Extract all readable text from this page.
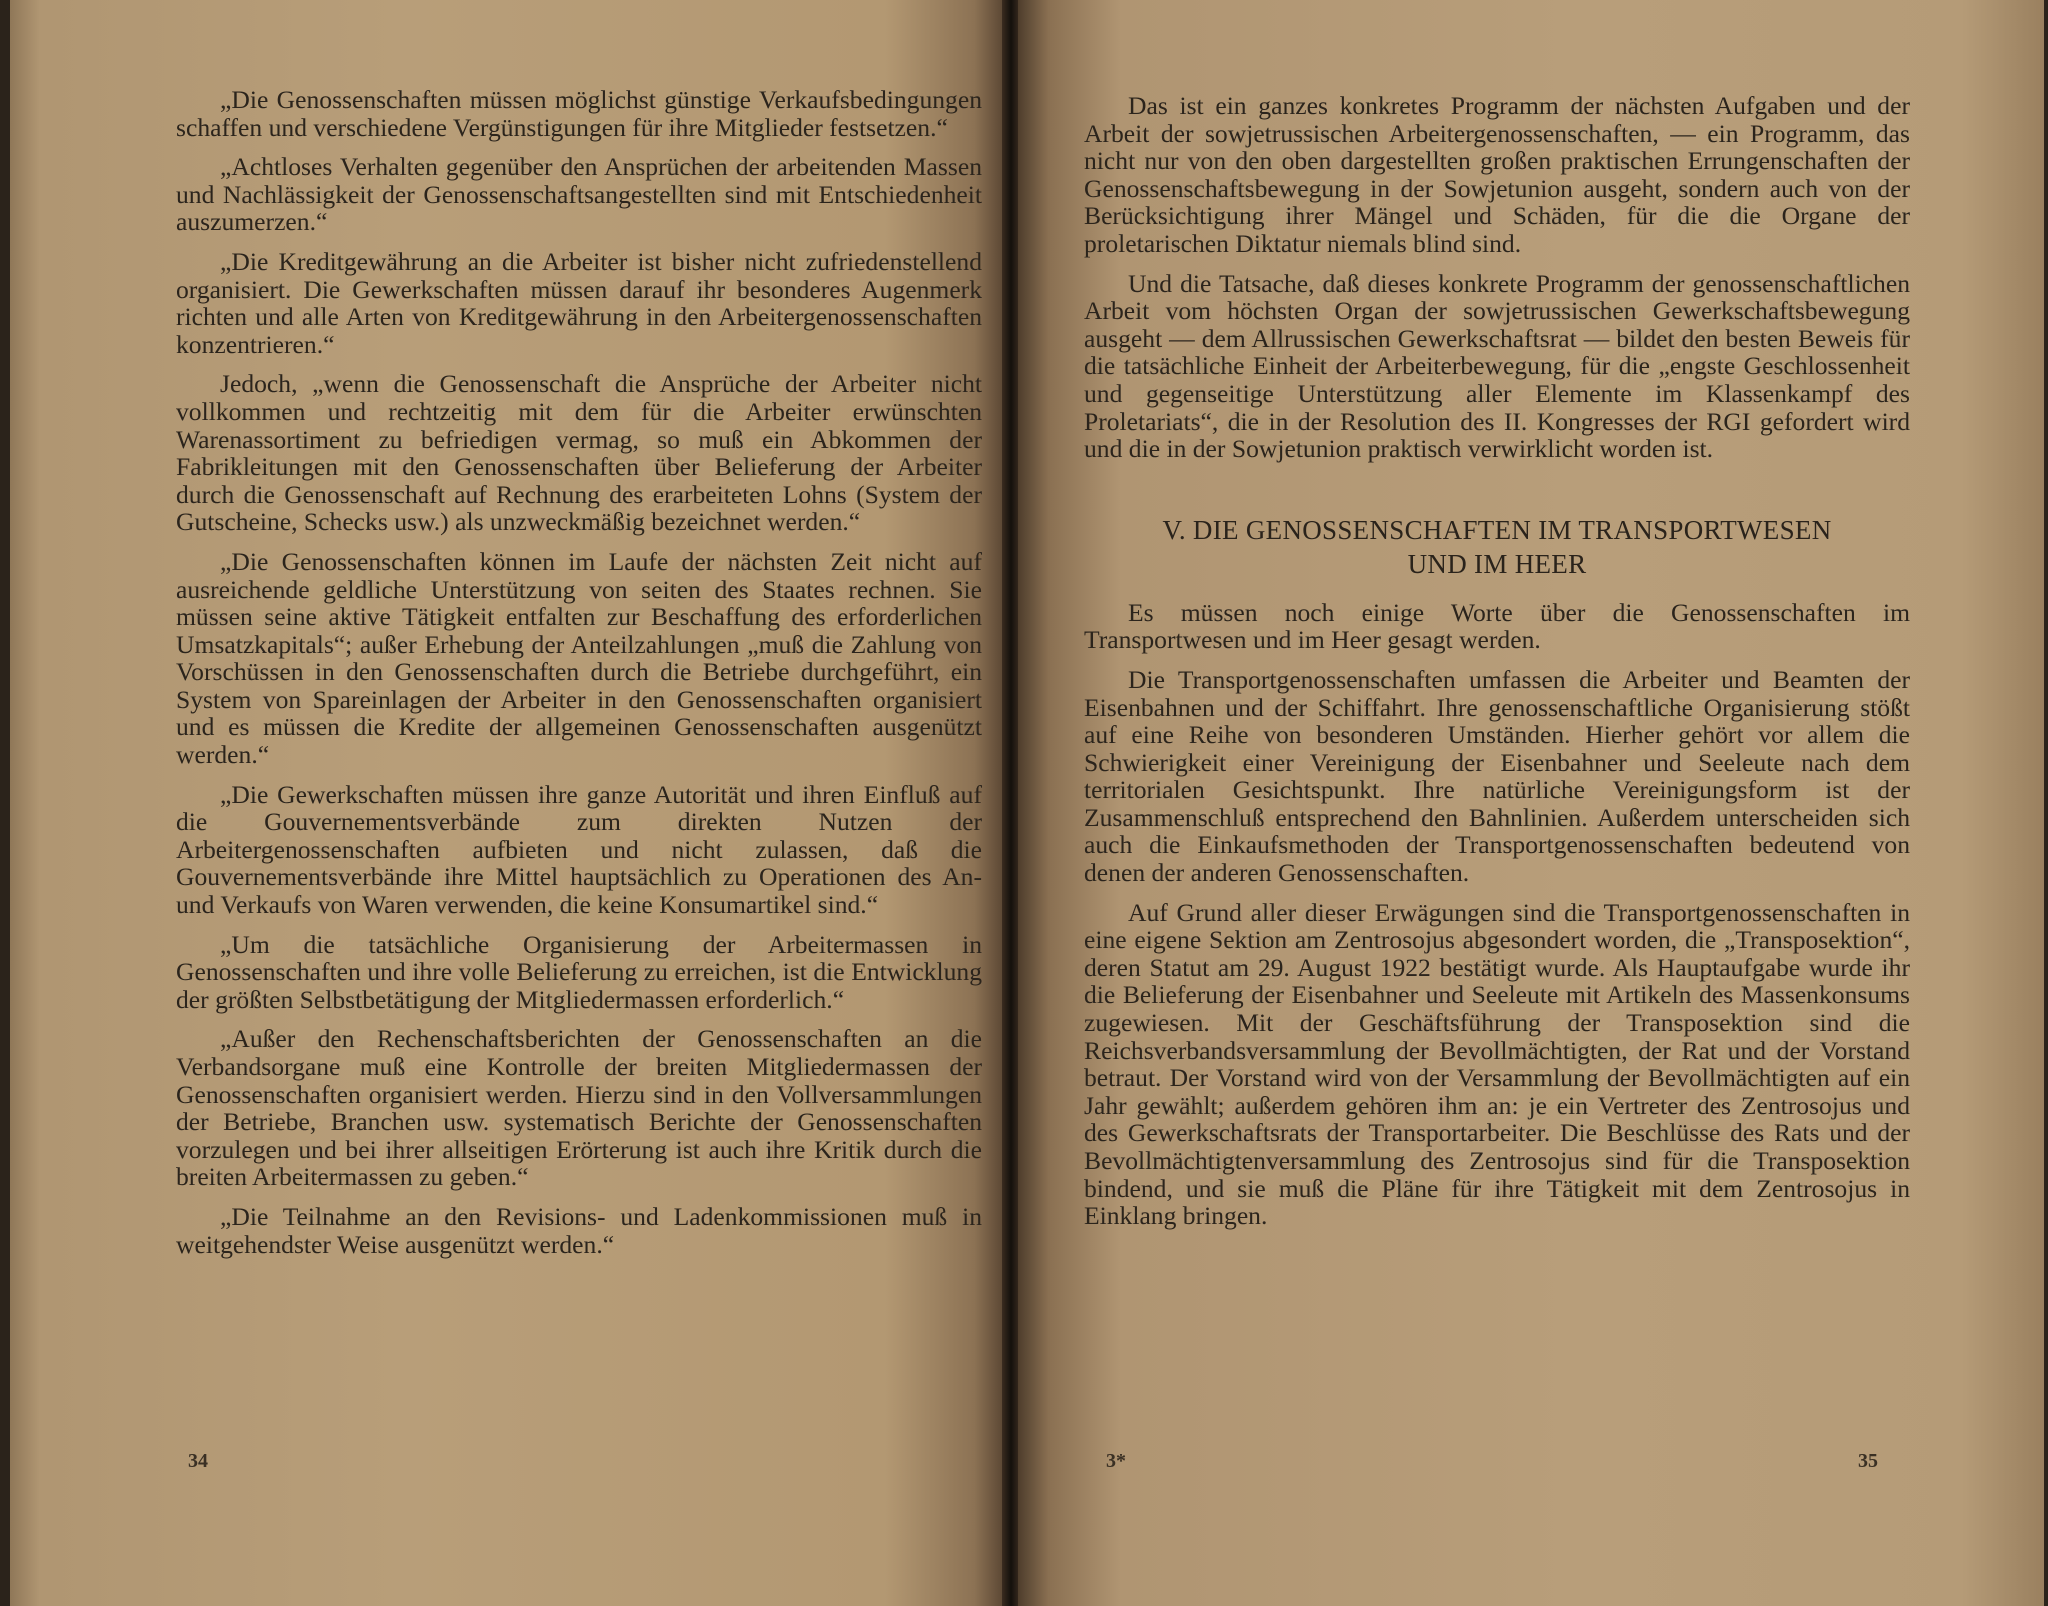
„Die Genossenschaften müssen möglichst günstige Verkaufsbedingungen schaffen und verschiedene Vergünstigungen für ihre Mitglieder festsetzen.“

„Achtloses Verhalten gegenüber den Ansprüchen der arbeitenden Massen und Nachlässigkeit der Genossenschaftsangestellten sind mit Entschiedenheit auszumerzen.“

„Die Kreditgewährung an die Arbeiter ist bisher nicht zufriedenstellend organisiert. Die Gewerkschaften müssen darauf ihr besonderes Augenmerk richten und alle Arten von Kreditgewährung in den Arbeitergenossenschaften konzentrieren.“

Jedoch, „wenn die Genossenschaft die Ansprüche der Arbeiter nicht vollkommen und rechtzeitig mit dem für die Arbeiter erwünschten Warenassortiment zu befriedigen vermag, so muß ein Abkommen der Fabrikleitungen mit den Genossenschaften über Belieferung der Arbeiter durch die Genossenschaft auf Rechnung des erarbeiteten Lohns (System der Gutscheine, Schecks usw.) als unzweckmäßig bezeichnet werden.“

„Die Genossenschaften können im Laufe der nächsten Zeit nicht auf ausreichende geldliche Unterstützung von seiten des Staates rechnen. Sie müssen seine aktive Tätigkeit entfalten zur Beschaffung des erforderlichen Umsatzkapitals“; außer Erhebung der Anteilzahlungen „muß die Zahlung von Vorschüssen in den Genossenschaften durch die Betriebe durchgeführt, ein System von Spareinlagen der Arbeiter in den Genossenschaften organisiert und es müssen die Kredite der allgemeinen Genossenschaften ausgenützt werden.“

„Die Gewerkschaften müssen ihre ganze Autorität und ihren Einfluß auf die Gouvernementsverbände zum direkten Nutzen der Arbeitergenossenschaften aufbieten und nicht zulassen, daß die Gouvernementsverbände ihre Mittel hauptsächlich zu Operationen des An- und Verkaufs von Waren verwenden, die keine Konsumartikel sind.“

„Um die tatsächliche Organisierung der Arbeitermassen in Genossenschaften und ihre volle Belieferung zu erreichen, ist die Entwicklung der größten Selbstbetätigung der Mitgliedermassen erforderlich.“

„Außer den Rechenschaftsberichten der Genossenschaften an die Verbandsorgane muß eine Kontrolle der breiten Mitgliedermassen der Genossenschaften organisiert werden. Hierzu sind in den Vollversammlungen der Betriebe, Branchen usw. systematisch Berichte der Genossenschaften vorzulegen und bei ihrer allseitigen Erörterung ist auch ihre Kritik durch die breiten Arbeitermassen zu geben.“

„Die Teilnahme an den Revisions- und Ladenkommissionen muß in weitgehendster Weise ausgenützt werden.“

34

Das ist ein ganzes konkretes Programm der nächsten Aufgaben und der Arbeit der sowjetrussischen Arbeitergenossenschaften, — ein Programm, das nicht nur von den oben dargestellten großen praktischen Errungenschaften der Genossenschaftsbewegung in der Sowjetunion ausgeht, sondern auch von der Berücksichtigung ihrer Mängel und Schäden, für die die Organe der proletarischen Diktatur niemals blind sind.

Und die Tatsache, daß dieses konkrete Programm der genossenschaftlichen Arbeit vom höchsten Organ der sowjetrussischen Gewerkschaftsbewegung ausgeht — dem Allrussischen Gewerkschaftsrat — bildet den besten Beweis für die tatsächliche Einheit der Arbeiterbewegung, für die „engste Geschlossenheit und gegenseitige Unterstützung aller Elemente im Klassenkampf des Proletariats“, die in der Resolution des II. Kongresses der RGI gefordert wird und die in der Sowjetunion praktisch verwirklicht worden ist.

V. DIE GENOSSENSCHAFTEN IM TRANSPORTWESEN
UND IM HEER

Es müssen noch einige Worte über die Genossenschaften im Transportwesen und im Heer gesagt werden.

Die Transportgenossenschaften umfassen die Arbeiter und Beamten der Eisenbahnen und der Schiffahrt. Ihre genossenschaftliche Organisierung stößt auf eine Reihe von besonderen Umständen. Hierher gehört vor allem die Schwierigkeit einer Vereinigung der Eisenbahner und Seeleute nach dem territorialen Gesichtspunkt. Ihre natürliche Vereinigungsform ist der Zusammenschluß entsprechend den Bahnlinien. Außerdem unterscheiden sich auch die Einkaufsmethoden der Transportgenossenschaften bedeutend von denen der anderen Genossenschaften.

Auf Grund aller dieser Erwägungen sind die Transportgenossenschaften in eine eigene Sektion am Zentrosojus abgesondert worden, die „Transposektion“, deren Statut am 29. August 1922 bestätigt wurde. Als Hauptaufgabe wurde ihr die Belieferung der Eisenbahner und Seeleute mit Artikeln des Massenkonsums zugewiesen. Mit der Geschäftsführung der Transposektion sind die Reichsverbandsversammlung der Bevollmächtigten, der Rat und der Vorstand betraut. Der Vorstand wird von der Versammlung der Bevollmächtigten auf ein Jahr gewählt; außerdem gehören ihm an: je ein Vertreter des Zentrosojus und des Gewerkschaftsrats der Transportarbeiter. Die Beschlüsse des Rats und der Bevollmächtigtenversammlung des Zentrosojus sind für die Transposektion bindend, und sie muß die Pläne für ihre Tätigkeit mit dem Zentrosojus in Einklang bringen.

3*	35
